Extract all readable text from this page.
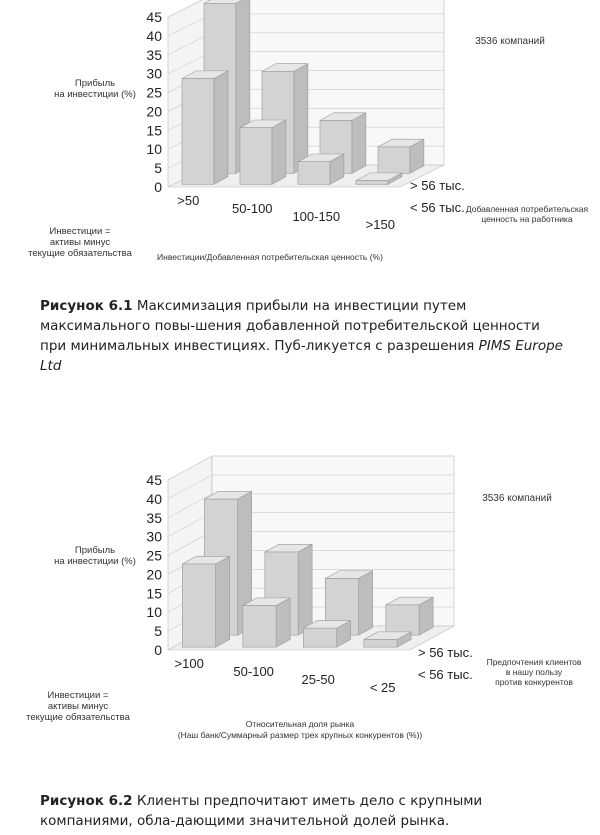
0
5
10
15
20
25
30
35
40
45
>50
50-100
100-150
>150
> 56 тыс.
< 56 тыс.
Инвестиции/Добавленная потребительская ценность (%)
Добавленная потребительская
ценность на работника
3536 компаний
Прибыль
на инвестиции (%)
Инвестиции =
активы минус
текущие обязательства
Рисунок 6.1 Максимизация прибыли на инвестиции путем максимального повы-шения добавленной потребительской ценности при минимальных инвестициях. Пуб-ликуется с разрешения PIMS Europe Ltd
0
5
10
15
20
25
30
35
40
45
>100
50-100
25-50
< 25
> 56 тыс.
< 56 тыс.
Относительная доля рынка
(Наш банк/Суммарный размер трех крупных конкурентов (%))
Предпочтения клиентов
в нашу пользу
против конкурентов
3536 компаний
Прибыль
на инвестиции (%)
Инвестиции =
активы минус
текущие обязательства
Рисунок 6.2 Клиенты предпочитают иметь дело с крупными компаниями, обла-дающими значительной долей рынка.
